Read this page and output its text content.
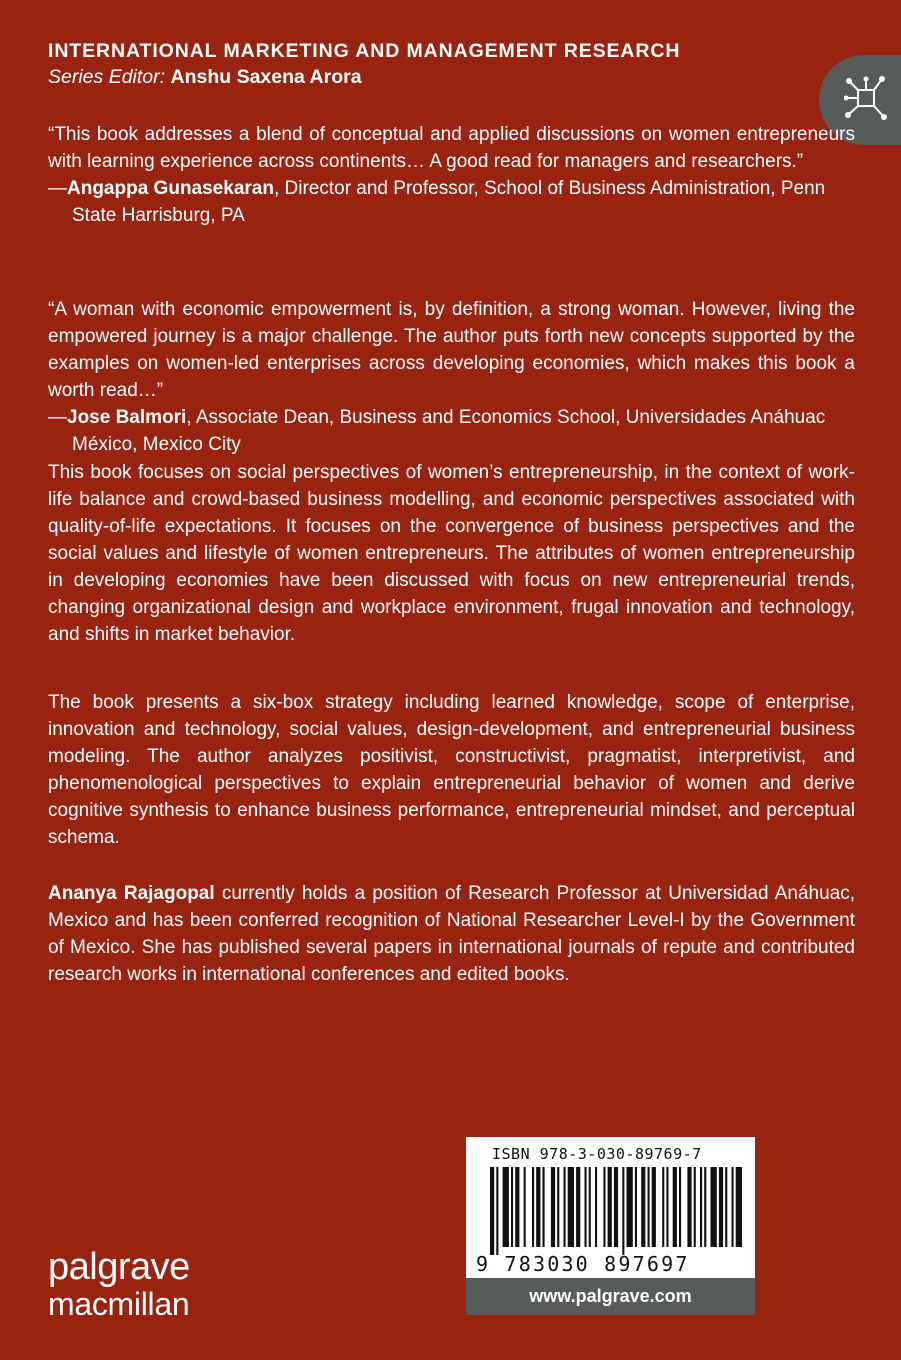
INTERNATIONAL MARKETING AND MANAGEMENT RESEARCH
Series Editor: Anshu Saxena Arora

“This book addresses a blend of conceptual and applied discussions on women entrepreneurs with learning experience across continents… A good read for managers and researchers.”

—Angappa Gunasekaran, Director and Professor, School of Business Administration, Penn State Harrisburg, PA

“A woman with economic empowerment is, by definition, a strong woman. However, living the empowered journey is a major challenge. The author puts forth new concepts supported by the examples on women-led enterprises across developing economies, which makes this book a worth read…”

—Jose Balmori, Associate Dean, Business and Economics School, Universidades Anáhuac México, Mexico City

This book focuses on social perspectives of women’s entrepreneurship, in the context of work-life balance and crowd-based business modelling, and economic perspectives associated with quality-of-life expectations. It focuses on the convergence of business perspectives and the social values and lifestyle of women entrepreneurs. The attributes of women entrepreneurship in developing economies have been discussed with focus on new entrepreneurial trends, changing organizational design and workplace environment, frugal innovation and technology, and shifts in market behavior.

The book presents a six-box strategy including learned knowledge, scope of enterprise, innovation and technology, social values, design-development, and entrepreneurial business modeling. The author analyzes positivist, constructivist, pragmatist, interpretivist, and phenomenological perspectives to explain entrepreneurial behavior of women and derive cognitive synthesis to enhance business performance, entrepreneurial mindset, and perceptual schema.

Ananya Rajagopal currently holds a position of Research Professor at Universidad Anáhuac, Mexico and has been conferred recognition of National Researcher Level-I by the Government of Mexico. She has published several papers in international journals of repute and contributed research works in international conferences and edited books.

palgrave
macmillan
ISBN 978-3-030-89769-7
9 783030 897697
www.palgrave.com
